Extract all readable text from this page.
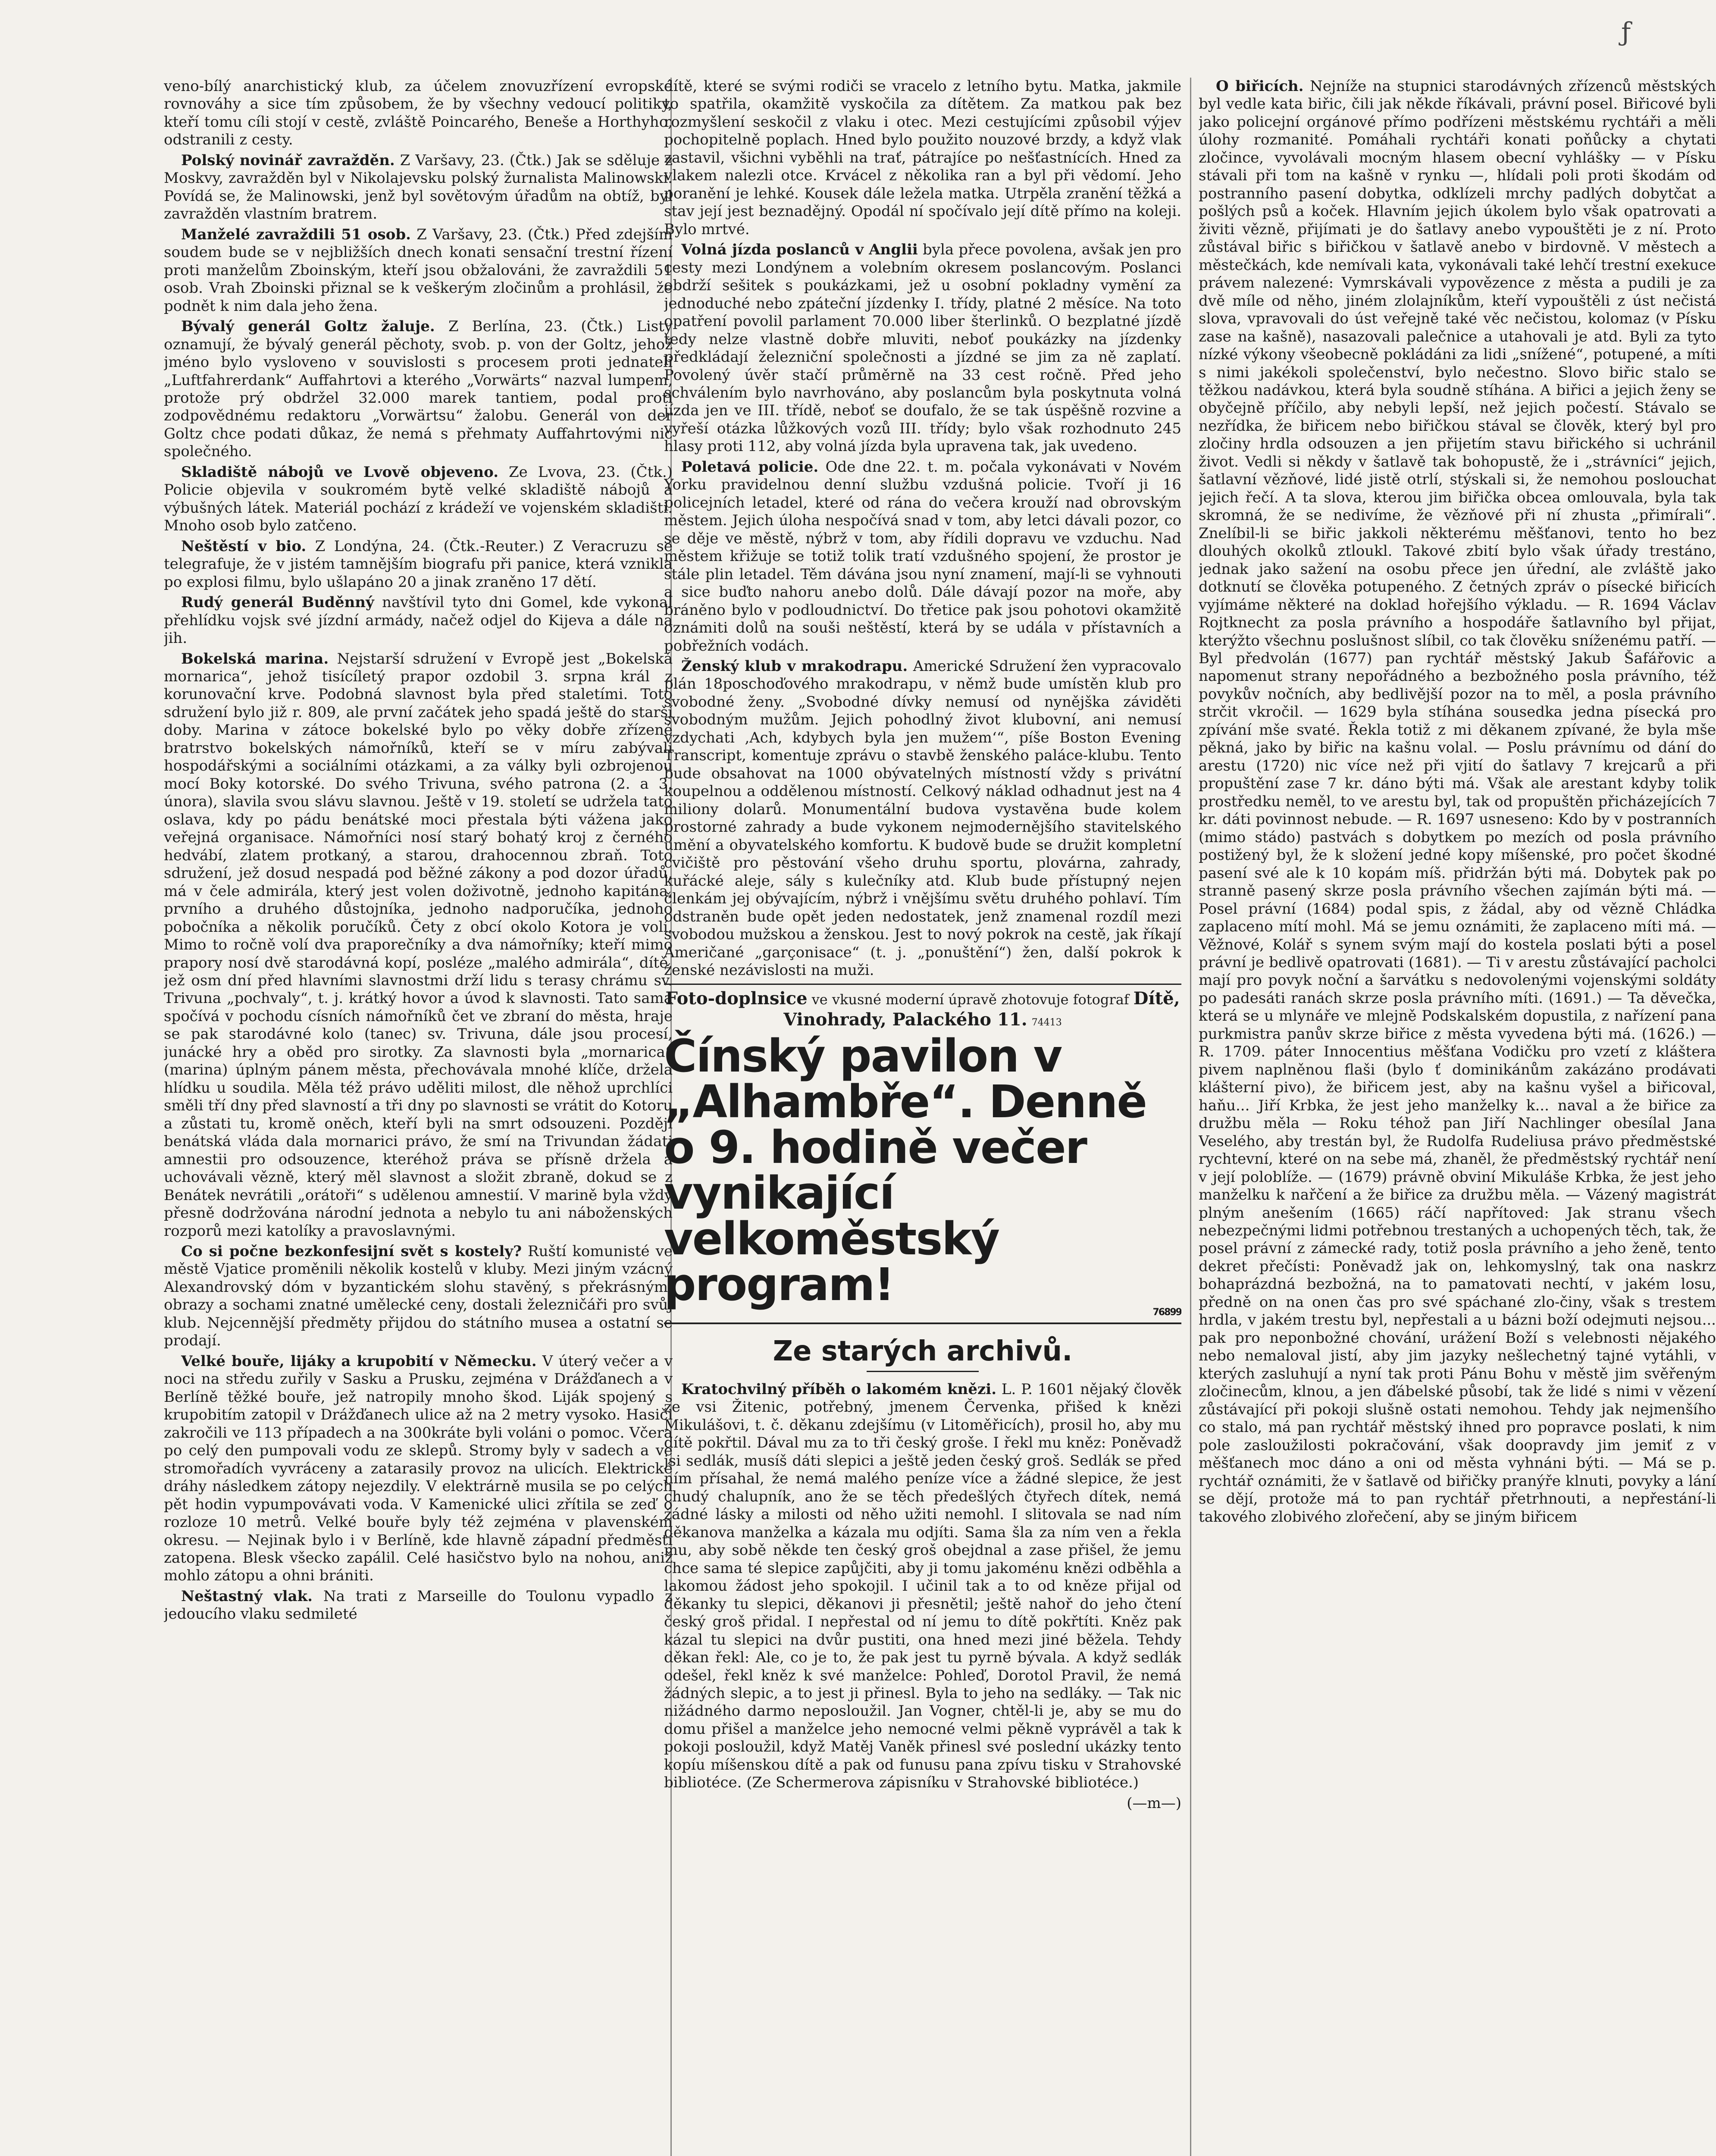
ƒ

veno-bílý anarchistický klub, za účelem znovuzřízení evropské rovnováhy a sice tím způsobem, že by všechny vedoucí politiky, kteří tomu cíli stojí v cestě, zvláště Poincarého, Beneše a Horthyho, odstranili z cesty.

Polský novinář zavražděn. Z Varšavy, 23. (Čtk.) Jak se sděluje z Moskvy, zavražděn byl v Nikolajevsku polský žurnalista Malinowski. Povídá se, že Malinowski, jenž byl sovětovým úřadům na obtíž, byl zavražděn vlastním bratrem.

Manželé zavraždili 51 osob. Z Varšavy, 23. (Čtk.) Před zdejším soudem bude se v nejbližších dnech konati sensační trestní řízení proti manželům Zboinským, kteří jsou obžalováni, že zavraždili 51 osob. Vrah Zboinski přiznal se k veškerým zločinům a prohlásil, že podnět k nim dala jeho žena.

Bývalý generál Goltz žaluje. Z Berlína, 23. (Čtk.) Listy oznamují, že bývalý generál pěchoty, svob. p. von der Goltz, jehož jméno bylo vysloveno v souvislosti s procesem proti jednateli „Luftfahrerdank“ Auffahrtovi a kterého „Vorwärts“ nazval lumpem, protože prý obdržel 32.000 marek tantiem, podal proti zodpovědnému redaktoru „Vorwärtsu“ žalobu. Generál von der Goltz chce podati důkaz, že nemá s přehmaty Auffahrtovými nic společného.

Skladiště nábojů ve Lvově objeveno. Ze Lvova, 23. (Čtk.) Policie objevila v soukromém bytě velké skladiště nábojů a výbušných látek. Materiál pochází z krádeží ve vojenském skladišti. Mnoho osob bylo zatčeno.

Neštěstí v bio. Z Londýna, 24. (Čtk.-Reuter.) Z Veracruzu se telegrafuje, že v jistém tamnějším biografu při panice, která vznikla po explosi filmu, bylo ušlapáno 20 a jinak zraněno 17 dětí.

Rudý generál Buděnný navštívil tyto dni Gomel, kde vykonal přehlídku vojsk své jízdní armády, načež odjel do Kijeva a dále na jih.

Bokelská marina. Nejstarší sdružení v Evropě jest „Bokelská mornarica“, jehož tisícíletý prapor ozdobil 3. srpna král z korunovační krve. Podobná slavnost byla před staletími. Toto sdružení bylo již r. 809, ale první začátek jeho spadá ještě do starší doby. Marina v zátoce bokelské bylo po věky dobře zřízené bratrstvo bokelských námořníků, kteří se v míru zabývali hospodářskými a sociálními otázkami, a za války byli ozbrojenou mocí Boky kotorské. Do svého Trivuna, svého patrona (2. a 3. února), slavila svou slávu slavnou. Ještě v 19. století se udržela tato oslava, kdy po pádu benátské moci přestala býti vážena jako veřejná organisace. Námořníci nosí starý bohatý kroj z černého hedvábí, zlatem protkaný, a starou, drahocennou zbraň. Toto sdružení, jež dosud nespadá pod běžné zákony a pod dozor úřadů, má v čele admirála, který jest volen doživotně, jednoho kapitána, prvního a druhého důstojníka, jednoho nadporučíka, jednoho pobočníka a několik poručíků. Čety z obcí okolo Kotora je volí. Mimo to ročně volí dva praporečníky a dva námořníky; kteří mimo prapory nosí dvě starodávná kopí, posléze „malého admirála“, dítě, jež osm dní před hlavními slavnostmi drží lidu s terasy chrámu sv. Trivuna „pochvaly“, t. j. krátký hovor a úvod k slavnosti. Tato sama spočívá v pochodu císních námořníků čet ve zbraní do města, hraje se pak starodávné kolo (tanec) sv. Trivuna, dále jsou procesí, junácké hry a oběd pro sirotky. Za slavnosti byla „mornarica“ (marina) úplným pánem města, přechovávala mnohé klíče, držela hlídku u soudila. Měla též právo uděliti milost, dle něhož uprchlíci směli tří dny před slavností a tři dny po slavnosti se vrátit do Kotoru a zůstati tu, kromě oněch, kteří byli na smrt odsouzeni. Později benátská vláda dala mornarici právo, že smí na Trivundan žádati amnestii pro odsouzence, kteréhož práva se přísně držela a uchovávali vězně, který měl slavnost a složit zbraně, dokud se z Benátek nevrátili „orátoři“ s udělenou amnestií. V marině byla vždy přesně dodržována národní jednota a nebylo tu ani náboženských rozporů mezi katolíky a pravoslavnými.

Co si počne bezkonfesijní svět s kostely? Ruští komunisté ve městě Vjatice proměnili několik kostelů v kluby. Mezi jiným vzácný Alexandrovský dóm v byzantickém slohu stavěný, s překrásnými obrazy a sochami znatné umělecké ceny, dostali železničáři pro svůj klub. Nejcennější předměty přijdou do státního musea a ostatní se prodají.

Velké bouře, lijáky a krupobití v Německu. V úterý večer a v noci na středu zuřily v Sasku a Prusku, zejména v Drážďanech a v Berlíně těžké bouře, jež natropily mnoho škod. Liják spojený s krupobitím zatopil v Drážďanech ulice až na 2 metry vysoko. Hasiči zakročili ve 113 případech a na 300kráte byli voláni o pomoc. Včera po celý den pumpovali vodu ze sklepů. Stromy byly v sadech a ve stromořadích vyvráceny a zatarasily provoz na ulicích. Elektrické dráhy následkem zátopy nejezdily. V elektrárně musila se po celých pět hodin vypumpovávati voda. V Kamenické ulici zřítila se zeď o rozloze 10 metrů. Velké bouře byly též zejména v plavenském okresu. — Nejinak bylo i v Berlíně, kde hlavně západní předměstí zatopena. Blesk všecko zapálil. Celé hasičstvo bylo na nohou, aniž mohlo zátopu a ohni brániti.

Neštastný vlak. Na trati z Marseille do Toulonu vypadlo z jedoucího vlaku sedmileté

dítě, které se svými rodiči se vracelo z letního bytu. Matka, jakmile to spatřila, okamžitě vyskočila za dítětem. Za matkou pak bez rozmyšlení seskočil z vlaku i otec. Mezi cestujícími způsobil výjev pochopitelně poplach. Hned bylo použito nouzové brzdy, a když vlak zastavil, všichni vyběhli na trať, pátrajíce po nešťastnících. Hned za vlakem nalezli otce. Krvácel z několika ran a byl při vědomí. Jeho poranění je lehké. Kousek dále ležela matka. Utrpěla zranění těžká a stav její jest beznadějný. Opodál ní spočívalo její dítě přímo na koleji. Bylo mrtvé.

Volná jízda poslanců v Anglii byla přece povolena, avšak jen pro cesty mezi Londýnem a volebním okresem poslancovým. Poslanci obdrží sešitek s poukázkami, jež u osobní pokladny vymění za jednoduché nebo zpáteční jízdenky I. třídy, platné 2 měsíce. Na toto opatření povolil parlament 70.000 liber šterlinků. O bezplatné jízdě tedy nelze vlastně dobře mluviti, neboť poukázky na jízdenky předkládají železniční společnosti a jízdné se jim za ně zaplatí. Povolený úvěr stačí průměrně na 33 cest ročně. Před jeho schválením bylo navrhováno, aby poslancům byla poskytnuta volná jízda jen ve III. třídě, neboť se doufalo, že se tak úspěšně rozvine a vyřeší otázka lůžkových vozů III. třídy; bylo však rozhodnuto 245 hlasy proti 112, aby volná jízda byla upravena tak, jak uvedeno.

Poletavá policie. Ode dne 22. t. m. počala vykonávati v Novém Yorku pravidelnou denní službu vzdušná policie. Tvoří ji 16 policejních letadel, které od rána do večera krouží nad obrovským městem. Jejich úloha nespočívá snad v tom, aby letci dávali pozor, co se děje ve městě, nýbrž v tom, aby řídili dopravu ve vzduchu. Nad městem křižuje se totiž tolik tratí vzdušného spojení, že prostor je stále plin letadel. Těm dávána jsou nyní znamení, mají-li se vyhnouti a sice buďto nahoru anebo dolů. Dále dávají pozor na moře, aby bráněno bylo v podloudnictví. Do třetice pak jsou pohotovi okamžitě oznámiti dolů na souši neštěstí, která by se udála v přístavních a pobřežních vodách.

Ženský klub v mrakodrapu. Americké Sdružení žen vypracovalo plán 18poschoďového mrakodrapu, v němž bude umístěn klub pro svobodné ženy. „Svobodné dívky nemusí od nynějška záviděti svobodným mužům. Jejich pohodlný život klubovní, ani nemusí vzdychati ‚Ach, kdybych byla jen mužem‘“, píše Boston Evening Transcript, komentuje zprávu o stavbě ženského paláce-klubu. Tento bude obsahovat na 1000 obývatelných místností vždy s privátní koupelnou a oddělenou místností. Celkový náklad odhadnut jest na 4 miliony dolarů. Monumentální budova vystavěna bude kolem prostorné zahrady a bude vykonem nejmodernějšího stavitelského umění a obyvatelského komfortu. K budově bude se družit kompletní cvičiště pro pěstování všeho druhu sportu, plovárna, zahrady, kuřácké aleje, sály s kulečníky atd. Klub bude přístupný nejen členkám jej obývajícím, nýbrž i vnějšímu světu druhého pohlaví. Tím odstraněn bude opět jeden nedostatek, jenž znamenal rozdíl mezi svobodou mužskou a ženskou. Jest to nový pokrok na cestě, jak říkají Američané „garçonisace“ (t. j. „ponuštění“) žen, další pokrok k ženské nezávislosti na muži.

Foto-doplnsice ve vkusné moderní úpravě zhotovuje fotograf Dítě, Vinohrady, Palackého 11. 74413
Čínský pavilon v „Alhambře“. Denně o 9. hodině večer vynikající velkoměstský program!
76899
Ze starých archivů.

Kratochvilný příběh o lakomém knězi. L. P. 1601 nějaký člověk ze vsi Žitenic, potřebný, jmenem Červenka, přišed k knězi Mikulášovi, t. č. děkanu zdejšímu (v Litoměřicích), prosil ho, aby mu dítě pokřtil. Dával mu za to tři český groše. I řekl mu kněz: Poněvadž jsi sedlák, musíš dáti slepici a ještě jeden český groš. Sedlák se před ním přísahal, že nemá malého peníze více a žádné slepice, že jest chudý chalupník, ano že se těch předešlých čtyřech dítek, nemá žádné lásky a milosti od něho užiti nemohl. I slitovala se nad ním děkanova manželka a kázala mu odjíti. Sama šla za ním ven a řekla mu, aby sobě někde ten český groš obejdnal a zase přišel, že jemu chce sama té slepice zapůjčiti, aby ji tomu jakoménu knězi odběhla a lakomou žádost jeho spokojil. I učinil tak a to od kněze přijal od děkanky tu slepici, děkanovi ji přesnětil; ještě nahoř do jeho čtení český groš přidal. I nepřestal od ní jemu to dítě pokřtíti. Kněz pak kázal tu slepici na dvůr pustiti, ona hned mezi jiné běžela. Tehdy děkan řekl: Ale, co je to, že pak jest tu pyrně bývala. A když sedlák odešel, řekl kněz k své manželce: Pohleď, Dorotol Pravil, že nemá žádných slepic, a to jest ji přinesl. Byla to jeho na sedláky. — Tak nic nižádného darmo neposloužil. Jan Vogner, chtěl-li je, aby se mu do domu přišel a manželce jeho nemocné velmi pěkně vyprávěl a tak k pokoji posloužil, když Matěj Vaněk přinesl své poslední ukázky tento kopíu míšenskou dítě a pak od funusu pana zpívu tisku v Strahovské bibliotéce. (Ze Schermerova zápisníku v Strahovské bibliotéce.)

(—m—)

O biřicích. Nejníže na stupnici starodávných zřízenců městských byl vedle kata biřic, čili jak někde říkávali, právní posel. Biřicové byli jako policejní orgánové přímo podřízeni městskému rychtáři a měli úlohy rozmanité. Pomáhali rychtáři konati poňůcky a chytati zločince, vyvolávali mocným hlasem obecní vyhlášky — v Písku stávali při tom na kašně v rynku —, hlídali poli proti škodám od postranního pasení dobytka, odklízeli mrchy padlých dobytčat a pošlých psů a koček. Hlavním jejich úkolem bylo však opatrovati a živiti vězně, přijímati je do šatlavy anebo vypouštěti je z ní. Proto zůstával biřic s biřičkou v šatlavě anebo v birdovně. V městech a městečkách, kde nemívali kata, vykonávali také lehčí trestní exekuce právem nalezené: Vymrskávali vypovězence z města a pudili je za dvě míle od něho, jiném zlolajníkům, kteří vypouštěli z úst nečistá slova, vpravovali do úst veřejně také věc nečistou, kolomaz (v Písku zase na kašně), nasazovali palečnice a utahovali je atd. Byli za tyto nízké výkony všeobecně pokládáni za lidi „snížené“, potupené, a míti s nimi jakékoli společenství, bylo nečestno. Slovo biřic stalo se těžkou nadávkou, která byla soudně stíhána. A biřici a jejich ženy se obyčejně příčilo, aby nebyli lepší, než jejich počestí. Stávalo se nezřídka, že biřicem nebo biřičkou stával se člověk, který byl pro zločiny hrdla odsouzen a jen přijetím stavu biřického si uchránil život. Vedli si někdy v šatlavě tak bohopustě, že i „strávníci“ jejich, šatlavní vězňové, lidé jistě otrlí, stýskali si, že nemohou poslouchat jejich řečí. A ta slova, kterou jim biřička obcea omlouvala, byla tak skromná, že se nedivíme, že vězňové při ní zhusta „přimírali“. Znelíbil-li se biřic jakkoli některému měšťanovi, tento ho bez dlouhých okolků ztloukl. Takové zbití bylo však úřady trestáno, jednak jako sažení na osobu přece jen úřední, ale zvláště jako dotknutí se člověka potupeného. Z četných zpráv o písecké biřicích vyjímáme některé na doklad hořejšího výkladu. — R. 1694 Václav Rojtknecht za posla právního a hospodáře šatlavního byl přijat, kterýžto všechnu poslušnost slíbil, co tak člověku sníženému patří. — Byl předvolán (1677) pan rychtář městský Jakub Šafářovic a napomenut strany nepořádného a bezbožného posla právního, též povykův nočních, aby bedlivější pozor na to měl, a posla právního strčit vkročil. — 1629 byla stíhána sousedka jedna písecká pro zpívání mše svaté. Řekla totiž z mi děkanem zpívané, že byla mše pěkná, jako by biřic na kašnu volal. — Poslu právnímu od dání do arestu (1720) nic více než při vjití do šatlavy 7 krejcarů a při propuštění zase 7 kr. dáno býti má. Však ale arestant kdyby tolik prostředku neměl, to ve arestu byl, tak od propuštěn přicházejících 7 kr. dáti povinnost nebude. — R. 1697 usneseno: Kdo by v postranních (mimo stádo) pastvách s dobytkem po mezích od posla právního postižený byl, že k složení jedné kopy míšenské, pro počet škodné pasení své ale k 10 kopám míš. přidržán býti má. Dobytek pak po stranně pasený skrze posla právního všechen zajímán býti má. — Posel právní (1684) podal spis, z žádal, aby od vězně Chládka zaplaceno mítí mohl. Má se jemu oznámiti, že zaplaceno míti má. — Věžnové, Kolář s synem svým mají do kostela poslati býti a posel právní je bedlivě opatrovati (1681). — Ti v arestu zůstávající pacholci mají pro povyk noční a šarvátku s nedovolenými vojenskými soldáty po padesáti ranách skrze posla právního míti. (1691.) — Ta děvečka, která se u mlynáře ve mlejně Podskalském dopustila, z nařízení pana purkmistra panův skrze biřice z města vyvedena býti má. (1626.) — R. 1709. páter Innocentius měšťana Vodičku pro vzetí z kláštera pivem naplněnou flaši (bylo ť dominikánům zakázáno prodávati klášterní pivo), že biřicem jest, aby na kašnu vyšel a biřicoval, haňu... Jiří Krbka, že jest jeho manželky k... naval a že biřice za družbu měla — Roku téhož pan Jiří Nachlinger obesílal Jana Veselého, aby trestán byl, že Rudolfa Rudeliusa právo předměstské rychtevní, které on na sebe má, zhaněl, že předměstský rychtář není v její poloblíže. — (1679) právně obviní Mikuláše Krbka, že jest jeho manželku k nařčení a že biřice za družbu měla. — Vázený magistrát plným anešením (1665) ráčí napřítoved: Jak stranu všech nebezpečnými lidmi potřebnou trestaných a uchopených těch, tak, že posel právní z zámecké rady, totiž posla právního a jeho ženě, tento dekret přečísti: Poněvadž jak on, lehkomyslný, tak ona naskrz bohaprázdná bezbožná, na to pamatovati nechtí, v jakém losu, předně on na onen čas pro své spáchané zlo-činy, však s trestem hrdla, v jakém trestu byl, nepřestali a u bázni boží odejmuti nejsou... pak pro neponbožné chování, urážení Boží s velebnosti nějakého nebo nemaloval jistí, aby jim jazyky nešlechetný tajné vytáhli, v kterých zasluhují a nyní tak proti Pánu Bohu v městě jim svěřeným zločinecům, klnou, a jen ďábelské působí, tak že lidé s nimi v vězení zůstávající při pokoji slušně ostati nemohou. Tehdy jak nejmenšího co stalo, má pan rychtář městský ihned pro popravce poslati, k nim pole zasloužilosti pokračování, však doopravdy jim jemiť z v měšťanech moc dáno a oni od města vyhnáni býti. — Má se p. rychtář oznámiti, že v šatlavě od biřičky pranýře klnuti, povyky a lání se dějí, protože má to pan rychtář přetrhnouti, a nepřestání-li takového zlobivého zlořečení, aby se jiným biřicem
